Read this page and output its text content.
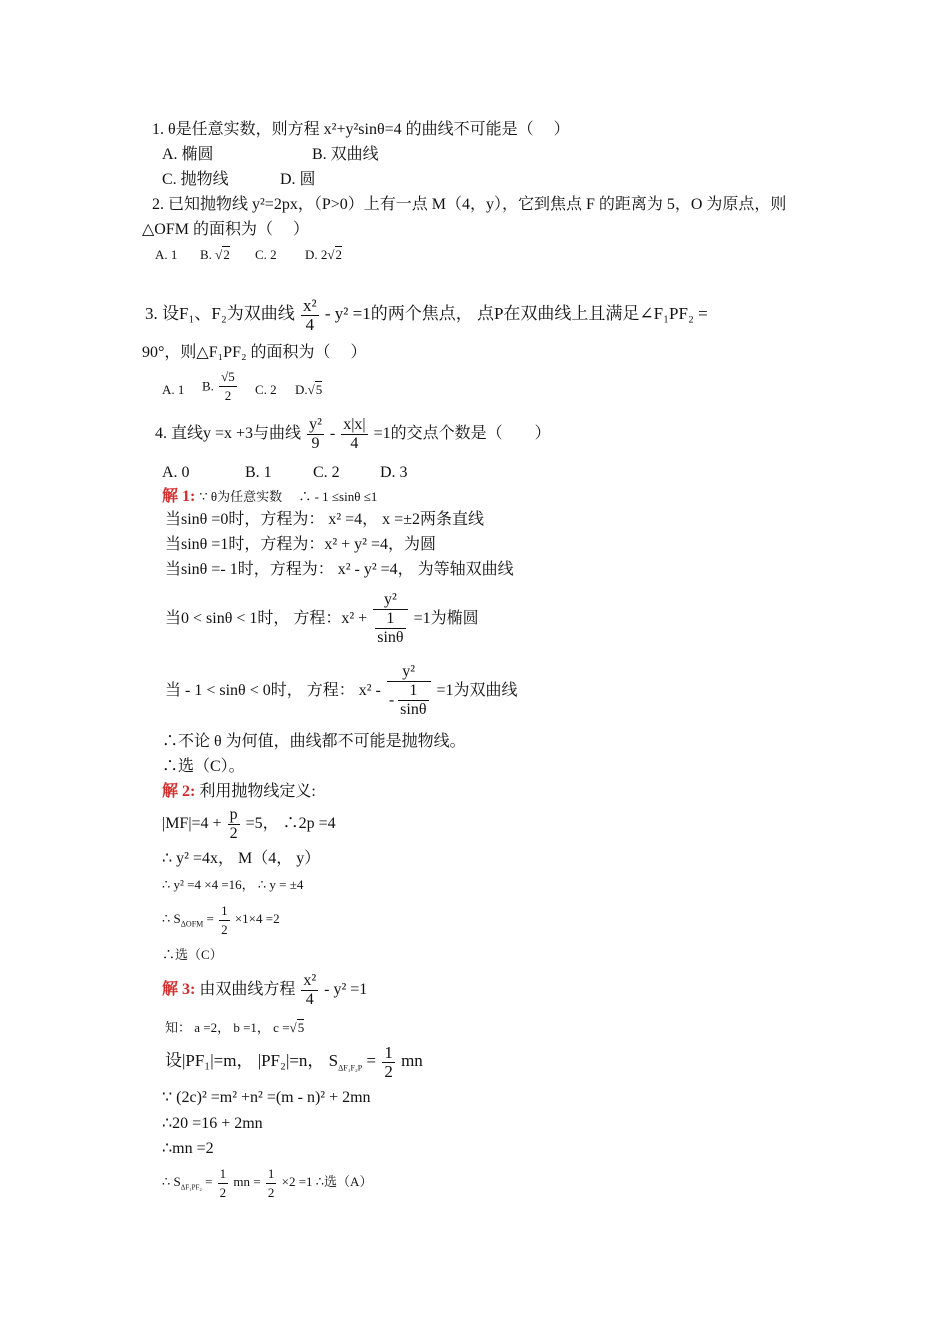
1. θ是任意实数，则方程 x²+y²sinθ=4 的曲线不可能是（　 ）
A. 椭圆	B. 双曲线
C. 抛物线	D. 圆
2. 已知抛物线 y²=2px，（P>0）上有一点 M（4，y），它到焦点 F 的距离为 5，O 为原点，则
△OFM 的面积为（　 ）
A. 1 B. √2 C. 2 D. 2√2
3. 设F₁、F₂为双曲线 $\frac{\text{x²}}{4} - y^2 =1$的两个焦点， 点P在双曲线上且满足∠F₁PF₂ =
90°，则△F₁PF₂ 的面积为（　 ）
A. 1 B. $\frac{√5}{2} C$. 2 D.√5
4. 直线y =x +3与曲线 $\frac{\text{y²}}{9} - \frac{x|x|}{4} =1$的交点个数是（　　）
A. 0	B. 1	C. 2	D. 3
解 1: ∵ θ为任意实数　 ∴ - 1 ≤sinθ ≤1
当sinθ =0时，方程为： x² =4， x =±2两条直线
当sinθ =1时，方程为：x² + y² =4，为圆
当sinθ =- 1时，方程为： x² - y² =4， 为等轴双曲线
当0 < sinθ < 1时， 方程：$x^2 + \frac{\text{y²}}{\frac{1}{\sin\theta}} =1$为椭圆
当 - 1 < sinθ < 0时， 方程： $x^2 - \frac{\text{y²}}{- \frac{1}{\sin\theta}} =1$为双曲线
∴不论 θ 为何值，曲线都不可能是抛物线。
∴选（C）。
解 2: 利用抛物线定义:
$|MF|=4 + \frac{p}{2} =5$， ∴2p =4
∴ y² =4x， M（4， y）
∴ y² =4 ×4 =16， ∴ y = ±4
∴ $S_{\Delta OFM} = \frac{1}{2} \times 1\times 4 =2$
∴选（C）
解 3: 由双曲线方程 $\frac{\text{x²}}{4} - y^2 =1$
知： a =2， b =1， c =√5
设|PF₁|=m， |PF₂|=n， $S_{\Delta F_1F_2P} = \frac{1}{2}$ mn
∵ (2c)² =m² +n² =(m - n)² + 2mn
∴20 =16 + 2mn
∴mn =2
∴ $S_{\Delta F_1PF_2} = \frac{1}{2}$ mn = $\frac{1}{2} \times 2 =1$ ∴选（A）
